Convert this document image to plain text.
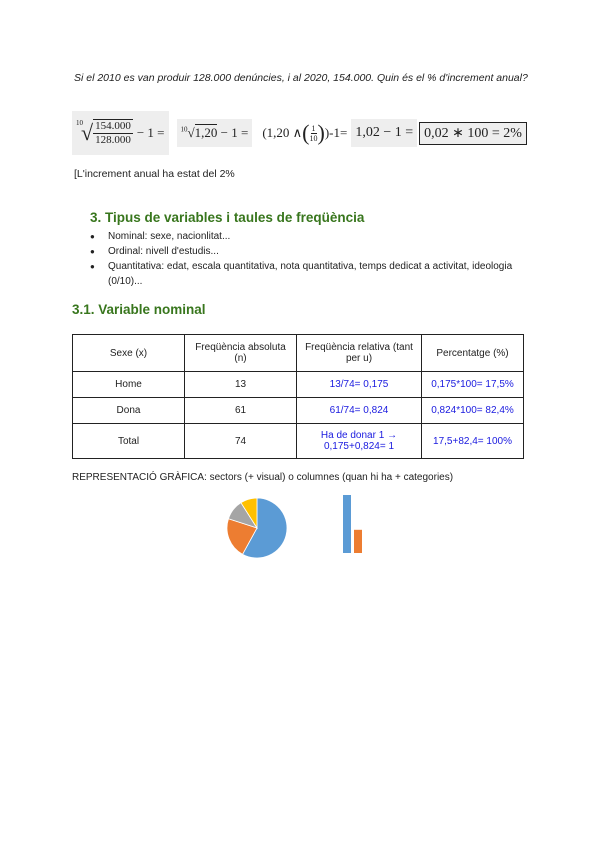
Si el 2010 es van produir 128.000 denúncies, i al 2020, 154.000. Quin és el % d'increment anual?
10
√ $\frac{154.000}{128.000} - 1$ =	$^{10}$√1,20 − 1 =	(1,20 ∧ ( $\frac{1}{10}$ ) )-1= 1,02 − 1 = 0,02 ∗ 100 = 2%
[L'increment anual ha estat del 2%
3. Tipus de variables i taules de freqüència
● Nominal: sexe, nacionlitat...
● Ordinal: nivell d'estudis...
● Quantitativa: edat, escala quantitativa, nota quantitativa, temps dedicat a activitat, ideologia (0/10)...
3.1. Variable nominal
Sexe (x)	Freqüència absoluta (n)	Freqüència relativa (tant per u)	Percentatge (%)
Home	13	13/74= 0,175	0,175*100= 17,5%
Dona	61	61/74= 0,824	0,824*100= 82,4%
Total	74	Ha de donar 1 → 0,175+0,824= 1	17,5+82,4= 100%
REPRESENTACIÓ GRÀFICA: sectors (+ visual) o columnes (quan hi ha + categories)
